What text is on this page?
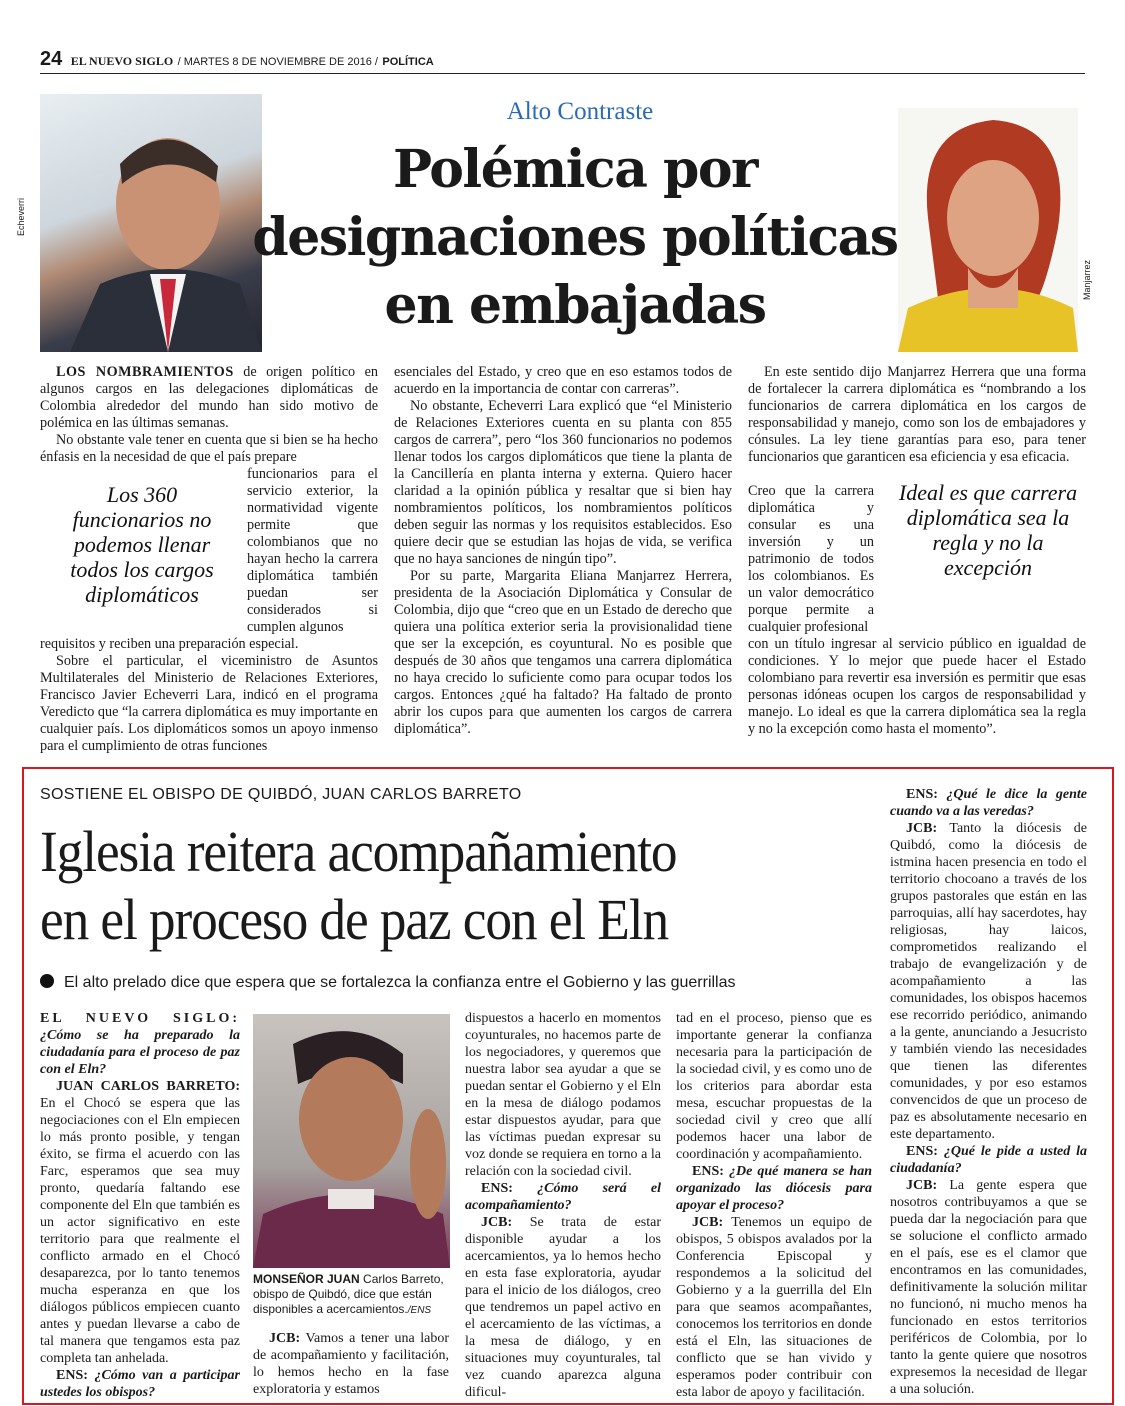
24 EL NUEVO SIGLO / MARTES 8 DE NOVIEMBRE DE 2016 / POLÍTICA
Echeverri
Manjarrez
Alto Contraste
Polémica por
designaciones políticas
en embajadas

LOS NOMBRAMIENTOS de origen político en algunos cargos en las delegaciones diplomáticas de Colombia alrededor del mundo han sido motivo de polémica en las últimas semanas.

No obstante vale tener en cuenta que si bien se ha hecho énfasis en la necesidad de que el país prepare

funcionarios para el servicio exterior, la normatividad vigente permite que colombianos que no hayan hecho la carrera diplomática también puedan ser considerados si cumplen algunos

Los 360 funcionarios no podemos llenar todos los cargos diplomáticos

requisitos y reciben una preparación especial.

Sobre el particular, el viceministro de Asuntos Multilaterales del Ministerio de Relaciones Exteriores, Francisco Javier Echeverri Lara, indicó en el programa Veredicto que “la carrera diplomática es muy importante en cualquier país. Los diplomáticos somos un apoyo inmenso para el cumplimiento de otras funciones

esenciales del Estado, y creo que en eso estamos todos de acuerdo en la importancia de contar con carreras”.

No obstante, Echeverri Lara explicó que “el Ministerio de Relaciones Exteriores cuenta en su planta con 855 cargos de carrera”, pero “los 360 funcionarios no podemos llenar todos los cargos diplomáticos que tiene la planta de la Cancillería en planta interna y externa. Quiero hacer claridad a la opinión pública y resaltar que si bien hay nombramientos políticos, los nombramientos políticos deben seguir las normas y los requisitos establecidos. Eso quiere decir que se estudian las hojas de vida, se verifica que no haya sanciones de ningún tipo”.

Por su parte, Margarita Eliana Manjarrez Herrera, presidenta de la Asociación Diplomática y Consular de Colombia, dijo que “creo que en un Estado de derecho que quiera una política exterior seria la provisionalidad tiene que ser la excepción, es coyuntural. No es posible que después de 30 años que tengamos una carrera diplomática no haya crecido lo suficiente como para ocupar todos los cargos. Entonces ¿qué ha faltado? Ha faltado de pronto abrir los cupos para que aumenten los cargos de carrera diplomática”.

En este sentido dijo Manjarrez Herrera que una forma de fortalecer la carrera diplomática es “nombrando a los funcionarios de carrera diplomática en los cargos de responsabilidad y manejo, como son los de embajadores y cónsules. La ley tiene garantías para eso, para tener funcionarios que garanticen esa eficiencia y esa eficacia.

Creo que la carrera diplomática y consular es una inversión y un patrimonio de todos los colombianos. Es un valor democrático porque permite a cualquier profesional

Ideal es que carrera diplomática sea la regla y no la excepción

con un título ingresar al servicio público en igualdad de condiciones. Y lo mejor que puede hacer el Estado colombiano para revertir esa inversión es permitir que esas personas idóneas ocupen los cargos de responsabilidad y manejo. Lo ideal es que la carrera diplomática sea la regla y no la excepción como hasta el momento”.

SOSTIENE EL OBISPO DE QUIBDÓ, JUAN CARLOS BARRETO
Iglesia reitera acompañamiento
en el proceso de paz con el Eln
El alto prelado dice que espera que se fortalezca la confianza entre el Gobierno y las guerrillas

EL NUEVO SIGLO: ¿Cómo se ha preparado la ciudadanía para el proceso de paz con el Eln?

JUAN CARLOS BARRETO: En el Chocó se espera que las negociaciones con el Eln empiecen lo más pronto posible, y tengan éxito, se firma el acuerdo con las Farc, esperamos que sea muy pronto, quedaría faltando ese componente del Eln que también es un actor significativo en este territorio para que realmente el conflicto armado en el Chocó desaparezca, por lo tanto tenemos mucha esperanza en que los diálogos públicos empiecen cuanto antes y puedan llevarse a cabo de tal manera que tengamos esta paz completa tan anhelada.

ENS: ¿Cómo van a participar ustedes los obispos?

MONSEÑOR JUAN Carlos Barreto, obispo de Quibdó, dice que están disponibles a acercamientos./ENS

JCB: Vamos a tener una labor de acompañamiento y facilitación, lo hemos hecho en la fase exploratoria y estamos

dispuestos a hacerlo en momentos coyunturales, no hacemos parte de los negociadores, y queremos que nuestra labor sea ayudar a que se puedan sentar el Gobierno y el Eln en la mesa de diálogo podamos estar dispuestos ayudar, para que las víctimas puedan expresar su voz donde se requiera en torno a la relación con la sociedad civil.

ENS: ¿Cómo será el acompañamiento?

JCB: Se trata de estar disponible ayudar a los acercamientos, ya lo hemos hecho en esta fase exploratoria, ayudar para el inicio de los diálogos, creo que tendremos un papel activo en el acercamiento de las víctimas, a la mesa de diálogo, y en situaciones muy coyunturales, tal vez cuando aparezca alguna dificul-

tad en el proceso, pienso que es importante generar la confianza necesaria para la participación de la sociedad civil, y es como uno de los criterios para abordar esta mesa, escuchar propuestas de la sociedad civil y creo que allí podemos hacer una labor de coordinación y acompañamiento.

ENS: ¿De qué manera se han organizado las diócesis para apoyar el proceso?

JCB: Tenemos un equipo de obispos, 5 obispos avalados por la Conferencia Episcopal y respondemos a la solicitud del Gobierno y a la guerrilla del Eln para que seamos acompañantes, conocemos los territorios en donde está el Eln, las situaciones de conflicto que se han vivido y esperamos poder contribuir con esta labor de apoyo y facilitación.

ENS: ¿Qué le dice la gente cuando va a las veredas?

JCB: Tanto la diócesis de Quibdó, como la diócesis de istmina hacen presencia en todo el territorio chocoano a través de los grupos pastorales que están en las parroquias, allí hay sacerdotes, hay religiosas, hay laicos, comprometidos realizando el trabajo de evangelización y de acompañamiento a las comunidades, los obispos hacemos ese recorrido periódico, animando a la gente, anunciando a Jesucristo y también viendo las necesidades que tienen las diferentes comunidades, y por eso estamos convencidos de que un proceso de paz es absolutamente necesario en este departamento.

ENS: ¿Qué le pide a usted la ciudadanía?

JCB: La gente espera que nosotros contribuyamos a que se pueda dar la negociación para que se solucione el conflicto armado en el país, ese es el clamor que encontramos en las comunidades, definitivamente la solución militar no funcionó, ni mucho menos ha funcionado en estos territorios periféricos de Colombia, por lo tanto la gente quiere que nosotros expresemos la necesidad de llegar a una solución.
